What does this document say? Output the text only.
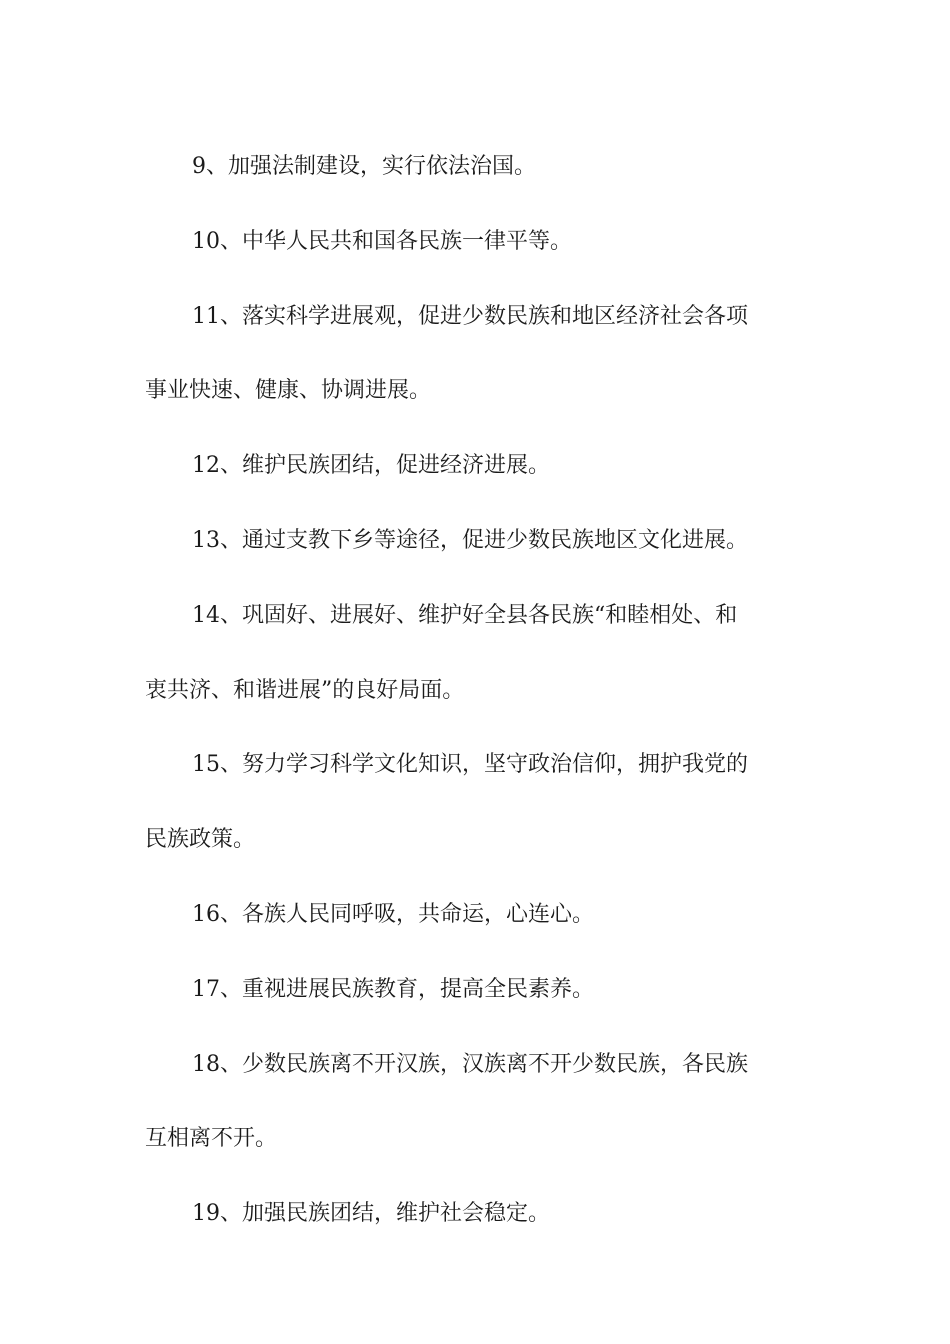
9、加强法制建设，实行依法治国。

10、中华人民共和国各民族一律平等。

11、落实科学进展观，促进少数民族和地区经济社会各项
事业快速、健康、协调进展。

12、维护民族团结，促进经济进展。

13、通过支教下乡等途径，促进少数民族地区文化进展。

14、巩固好、进展好、维护好全县各民族“和睦相处、和
衷共济、和谐进展”的良好局面。

15、努力学习科学文化知识，坚守政治信仰，拥护我党的
民族政策。

16、各族人民同呼吸，共命运，心连心。

17、重视进展民族教育，提高全民素养。

18、少数民族离不开汉族，汉族离不开少数民族，各民族
互相离不开。

19、加强民族团结，维护社会稳定。
